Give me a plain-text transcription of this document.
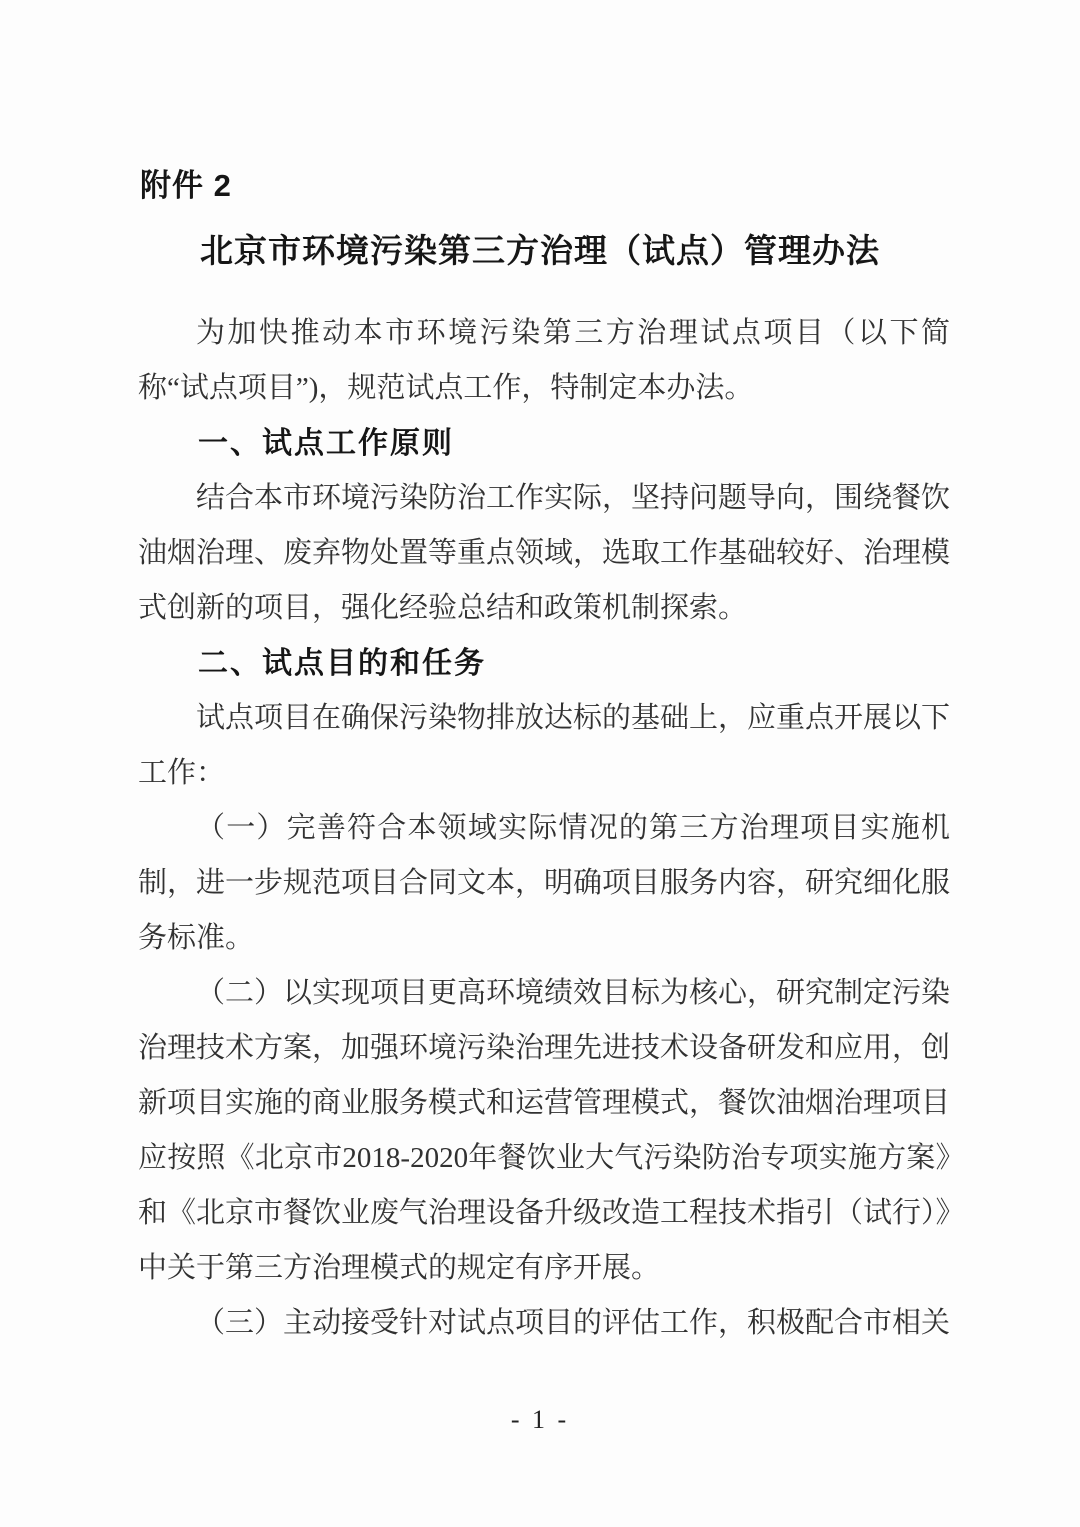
附件 2
北京市环境污染第三方治理（试点）管理办法

为加快推动本市环境污染第三方治理试点项目（以下简称“试点项目”)，规范试点工作，特制定本办法。

一、试点工作原则

结合本市环境污染防治工作实际，坚持问题导向，围绕餐饮油烟治理、废弃物处置等重点领域，选取工作基础较好、治理模式创新的项目，强化经验总结和政策机制探索。

二、试点目的和任务

试点项目在确保污染物排放达标的基础上，应重点开展以下工作：

（一）完善符合本领域实际情况的第三方治理项目实施机制，进一步规范项目合同文本，明确项目服务内容，研究细化服务标准。

（二）以实现项目更高环境绩效目标为核心，研究制定污染治理技术方案，加强环境污染治理先进技术设备研发和应用，创新项目实施的商业服务模式和运营管理模式，餐饮油烟治理项目应按照《北京市2018-2020年餐饮业大气污染防治专项实施方案》和《北京市餐饮业废气治理设备升级改造工程技术指引（试行）》中关于第三方治理模式的规定有序开展。

（三）主动接受针对试点项目的评估工作，积极配合市相关

- 1 -
